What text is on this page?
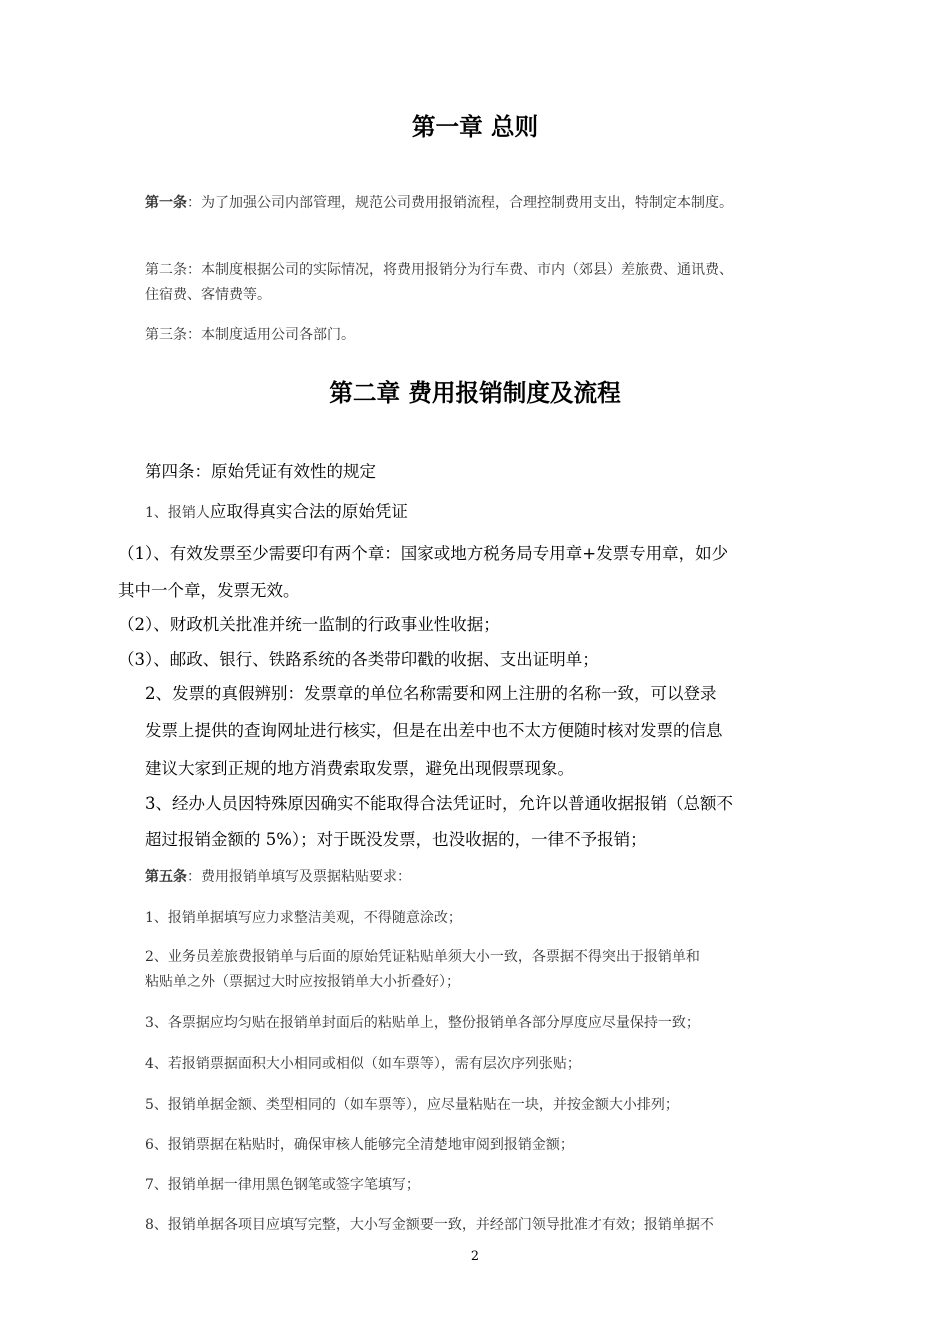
第一章 总则
第一条：为了加强公司内部管理，规范公司费用报销流程，合理控制费用支出，特制定本制度。
第二条：本制度根据公司的实际情况，将费用报销分为行车费、市内（郊县）差旅费、通讯费、
住宿费、客情费等。
第三条：本制度适用公司各部门。
第二章 费用报销制度及流程
第四条：原始凭证有效性的规定
1、报销人应取得真实合法的原始凭证
（1）、有效发票至少需要印有两个章：国家或地方税务局专用章+发票专用章，如少
其中一个章，发票无效。
（2）、财政机关批准并统一监制的行政事业性收据；
（3）、邮政、银行、铁路系统的各类带印戳的收据、支出证明单；
2、发票的真假辨别：发票章的单位名称需要和网上注册的名称一致，可以登录
发票上提供的查询网址进行核实，但是在出差中也不太方便随时核对发票的信息
建议大家到正规的地方消费索取发票，避免出现假票现象。
3、经办人员因特殊原因确实不能取得合法凭证时，允许以普通收据报销（总额不
超过报销金额的 5%）；对于既没发票，也没收据的，一律不予报销；
第五条：费用报销单填写及票据粘贴要求：
1、报销单据填写应力求整洁美观，不得随意涂改；
2、业务员差旅费报销单与后面的原始凭证粘贴单须大小一致，各票据不得突出于报销单和
粘贴单之外（票据过大时应按报销单大小折叠好）；
3、各票据应均匀贴在报销单封面后的粘贴单上，整份报销单各部分厚度应尽量保持一致；
4、若报销票据面积大小相同或相似（如车票等），需有层次序列张贴；
5、报销单据金额、类型相同的（如车票等），应尽量粘贴在一块，并按金额大小排列；
6、报销票据在粘贴时，确保审核人能够完全清楚地审阅到报销金额；
7、报销单据一律用黑色钢笔或签字笔填写；
8、报销单据各项目应填写完整，大小写金额要一致，并经部门领导批准才有效；报销单据不
2
